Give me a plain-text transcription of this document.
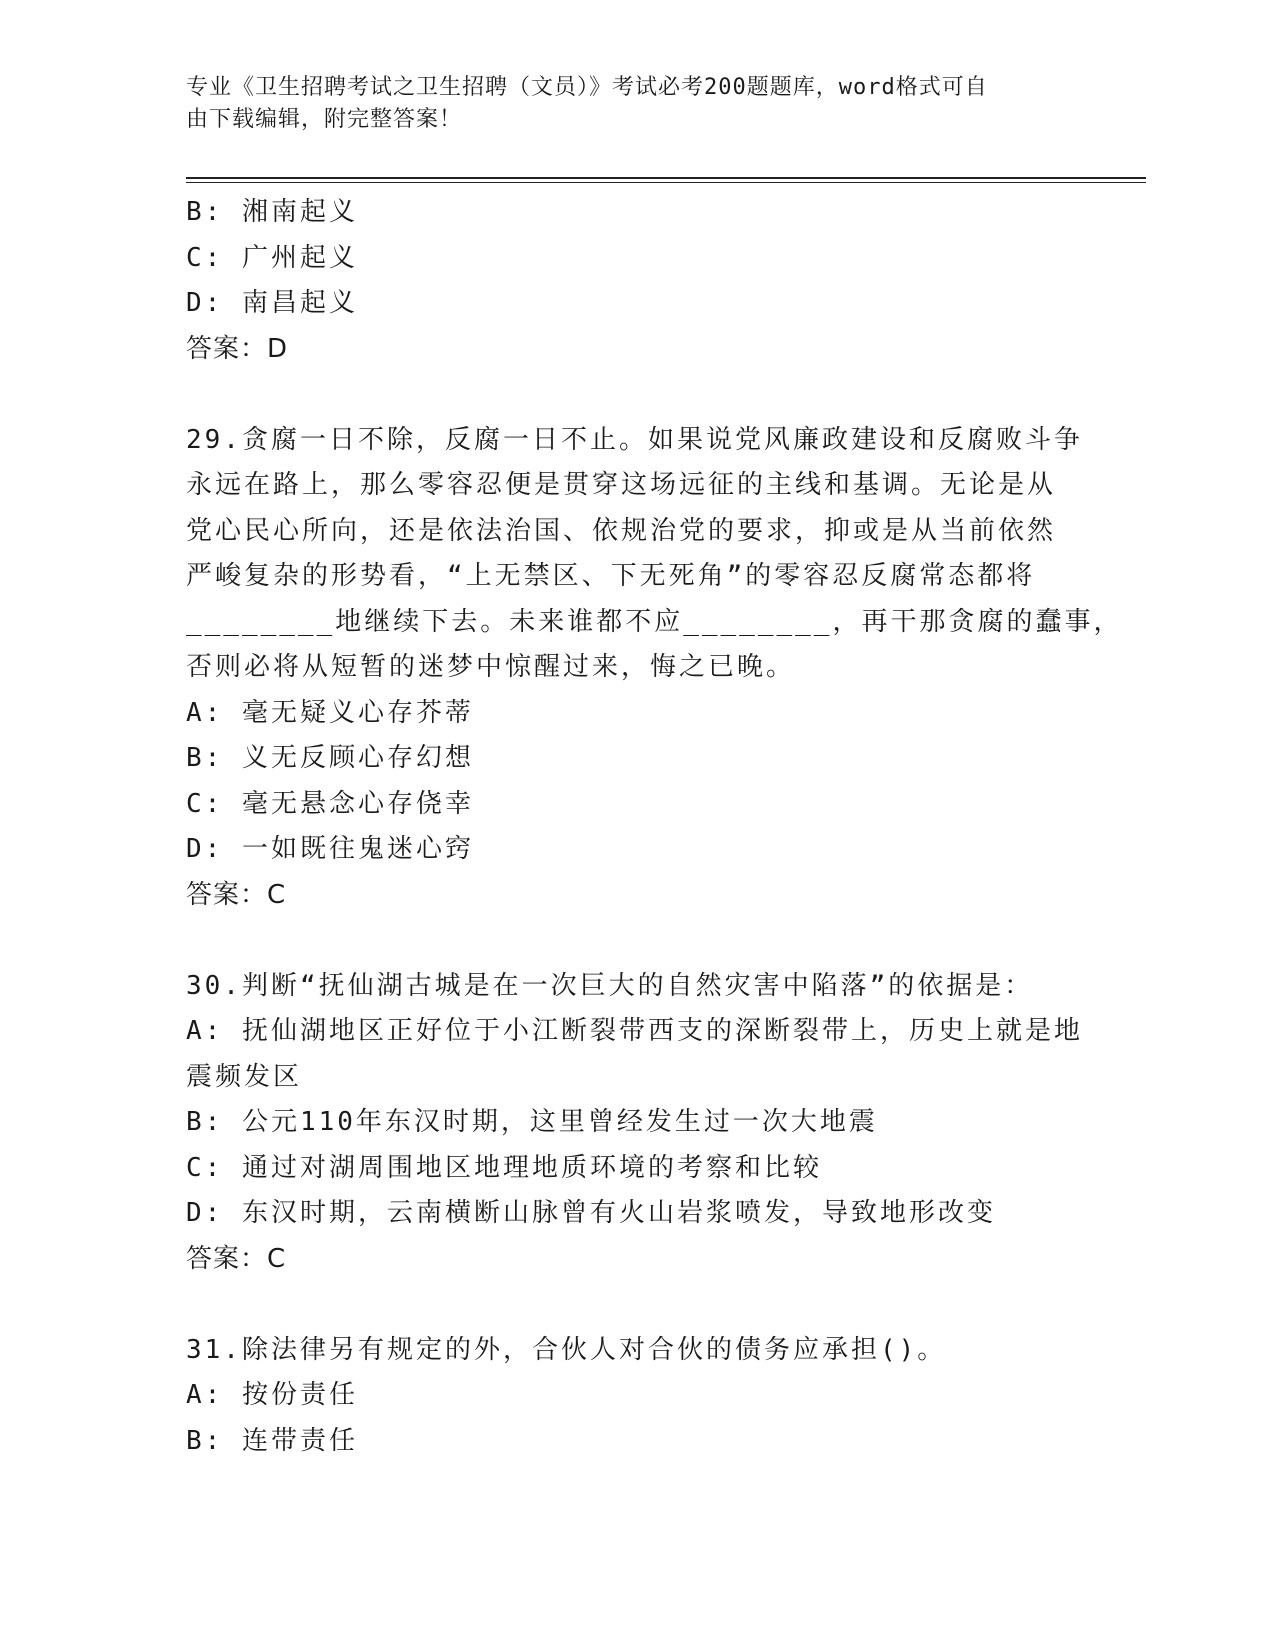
专业《卫生招聘考试之卫生招聘（文员）》考试必考200题题库，word格式可自
由下载编辑，附完整答案！
B: 湘南起义
C: 广州起义
D: 南昌起义
答案：D
29.贪腐一日不除，反腐一日不止。如果说党风廉政建设和反腐败斗争
永远在路上，那么零容忍便是贯穿这场远征的主线和基调。无论是从
党心民心所向，还是依法治国、依规治党的要求，抑或是从当前依然
严峻复杂的形势看，“上无禁区、下无死角”的零容忍反腐常态都将
________地继续下去。未来谁都不应________，再干那贪腐的蠢事，
否则必将从短暂的迷梦中惊醒过来，悔之已晚。
A: 毫无疑义心存芥蒂
B: 义无反顾心存幻想
C: 毫无悬念心存侥幸
D: 一如既往鬼迷心窍
答案：C
30.判断“抚仙湖古城是在一次巨大的自然灾害中陷落”的依据是：
A: 抚仙湖地区正好位于小江断裂带西支的深断裂带上，历史上就是地
震频发区
B: 公元110年东汉时期，这里曾经发生过一次大地震
C: 通过对湖周围地区地理地质环境的考察和比较
D: 东汉时期，云南横断山脉曾有火山岩浆喷发，导致地形改变
答案：C
31.除法律另有规定的外，合伙人对合伙的债务应承担()。
A: 按份责任
B: 连带责任
